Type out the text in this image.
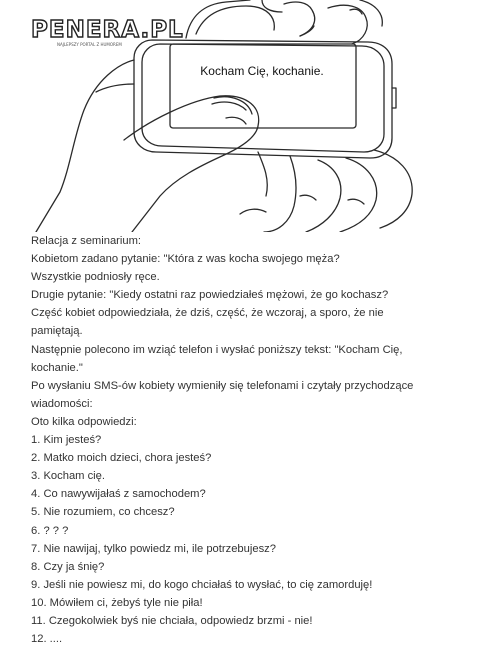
PENERA.PL
NAJLEPSZY PORTAL Z HUMOREM
Kocham Cię, kochanie.

Relacja z seminarium:

Kobietom zadano pytanie: "Która z was kocha swojego męża?

Wszystkie podniosły ręce.

Drugie pytanie: "Kiedy ostatni raz powiedziałeś mężowi, że go kochasz?

Część kobiet odpowiedziała, że dziś, część, że wczoraj, a sporo, że nie

pamiętają.

Następnie polecono im wziąć telefon i wysłać poniższy tekst: "Kocham Cię,

kochanie."

Po wysłaniu SMS-ów kobiety wymieniły się telefonami i czytały przychodzące

wiadomości:

Oto kilka odpowiedzi:

1. Kim jesteś?
2. Matko moich dzieci, chora jesteś?
3. Kocham cię.
4. Co nawywijałaś z samochodem?
5. Nie rozumiem, co chcesz?
6. ? ? ?
7. Nie nawijaj, tylko powiedz mi, ile potrzebujesz?
8. Czy ja śnię?
9. Jeśli nie powiesz mi, do kogo chciałaś to wysłać, to cię zamorduję!
10. Mówiłem ci, żebyś tyle nie piła!
11. Czegokolwiek byś nie chciała, odpowiedz brzmi - nie!
12. ....
